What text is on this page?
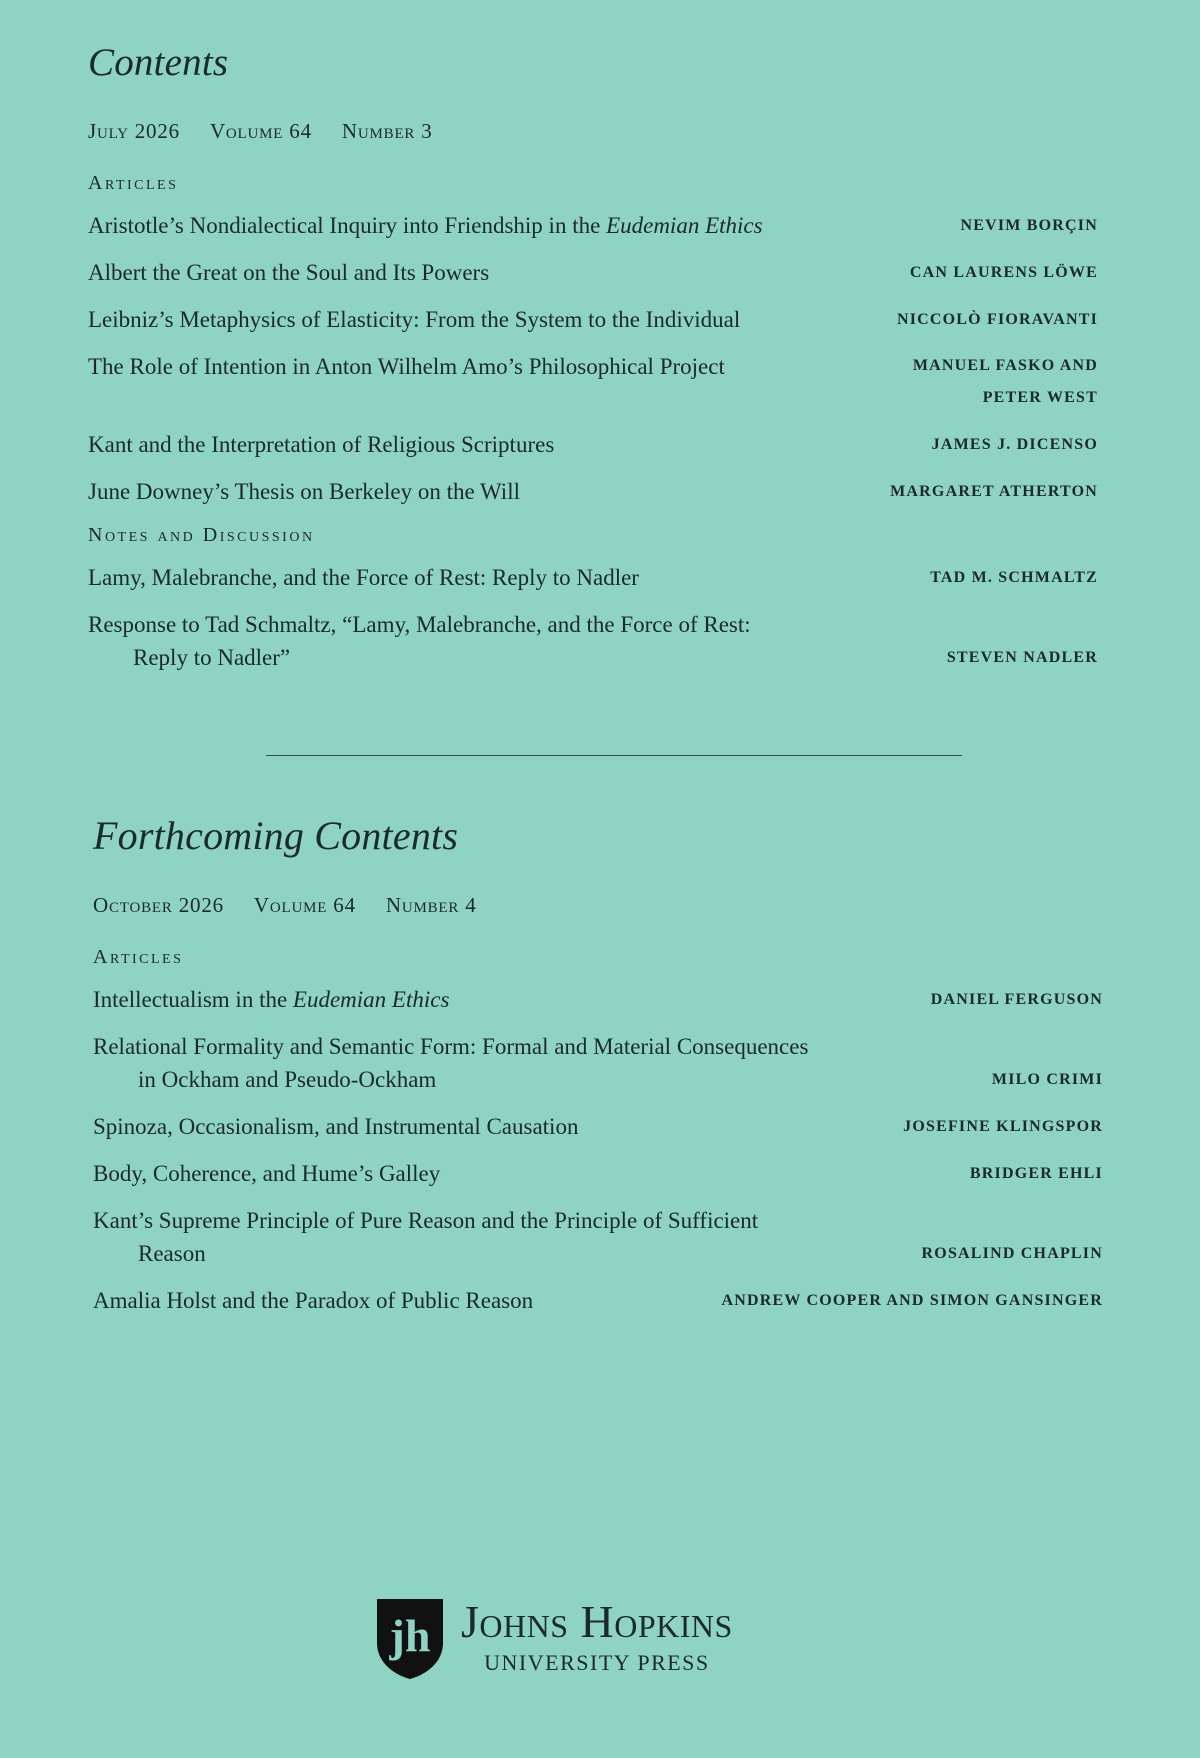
Contents
July 2026 Volume 64 Number 3
Articles
Aristotle’s Nondialectical Inquiry into Friendship in the Eudemian Ethics	NEVIM BORÇIN
Albert the Great on the Soul and Its Powers	CAN LAURENS LÖWE
Leibniz’s Metaphysics of Elasticity: From the System to the Individual	NICCOLÒ FIORAVANTI
The Role of Intention in Anton Wilhelm Amo’s Philosophical Project	MANUEL FASKO AND
PETER WEST
Kant and the Interpretation of Religious Scriptures	JAMES J. DICENSO
June Downey’s Thesis on Berkeley on the Will	MARGARET ATHERTON
Notes and Discussion
Lamy, Malebranche, and the Force of Rest: Reply to Nadler	TAD M. SCHMALTZ
Response to Tad Schmaltz, “Lamy, Malebranche, and the Force of Rest:
Reply to Nadler”	STEVEN NADLER
Forthcoming Contents
October 2026 Volume 64 Number 4
Articles
Intellectualism in the Eudemian Ethics	DANIEL FERGUSON
Relational Formality and Semantic Form: Formal and Material Consequences
in Ockham and Pseudo-Ockham	MILO CRIMI
Spinoza, Occasionalism, and Instrumental Causation	JOSEFINE KLINGSPOR
Body, Coherence, and Hume’s Galley	BRIDGER EHLI
Kant’s Supreme Principle of Pure Reason and the Principle of Sufficient
Reason	ROSALIND CHAPLIN
Amalia Holst and the Paradox of Public Reason	ANDREW COOPER AND SIMON GANSINGER
jh Johns Hopkins
UNIVERSITY PRESS
